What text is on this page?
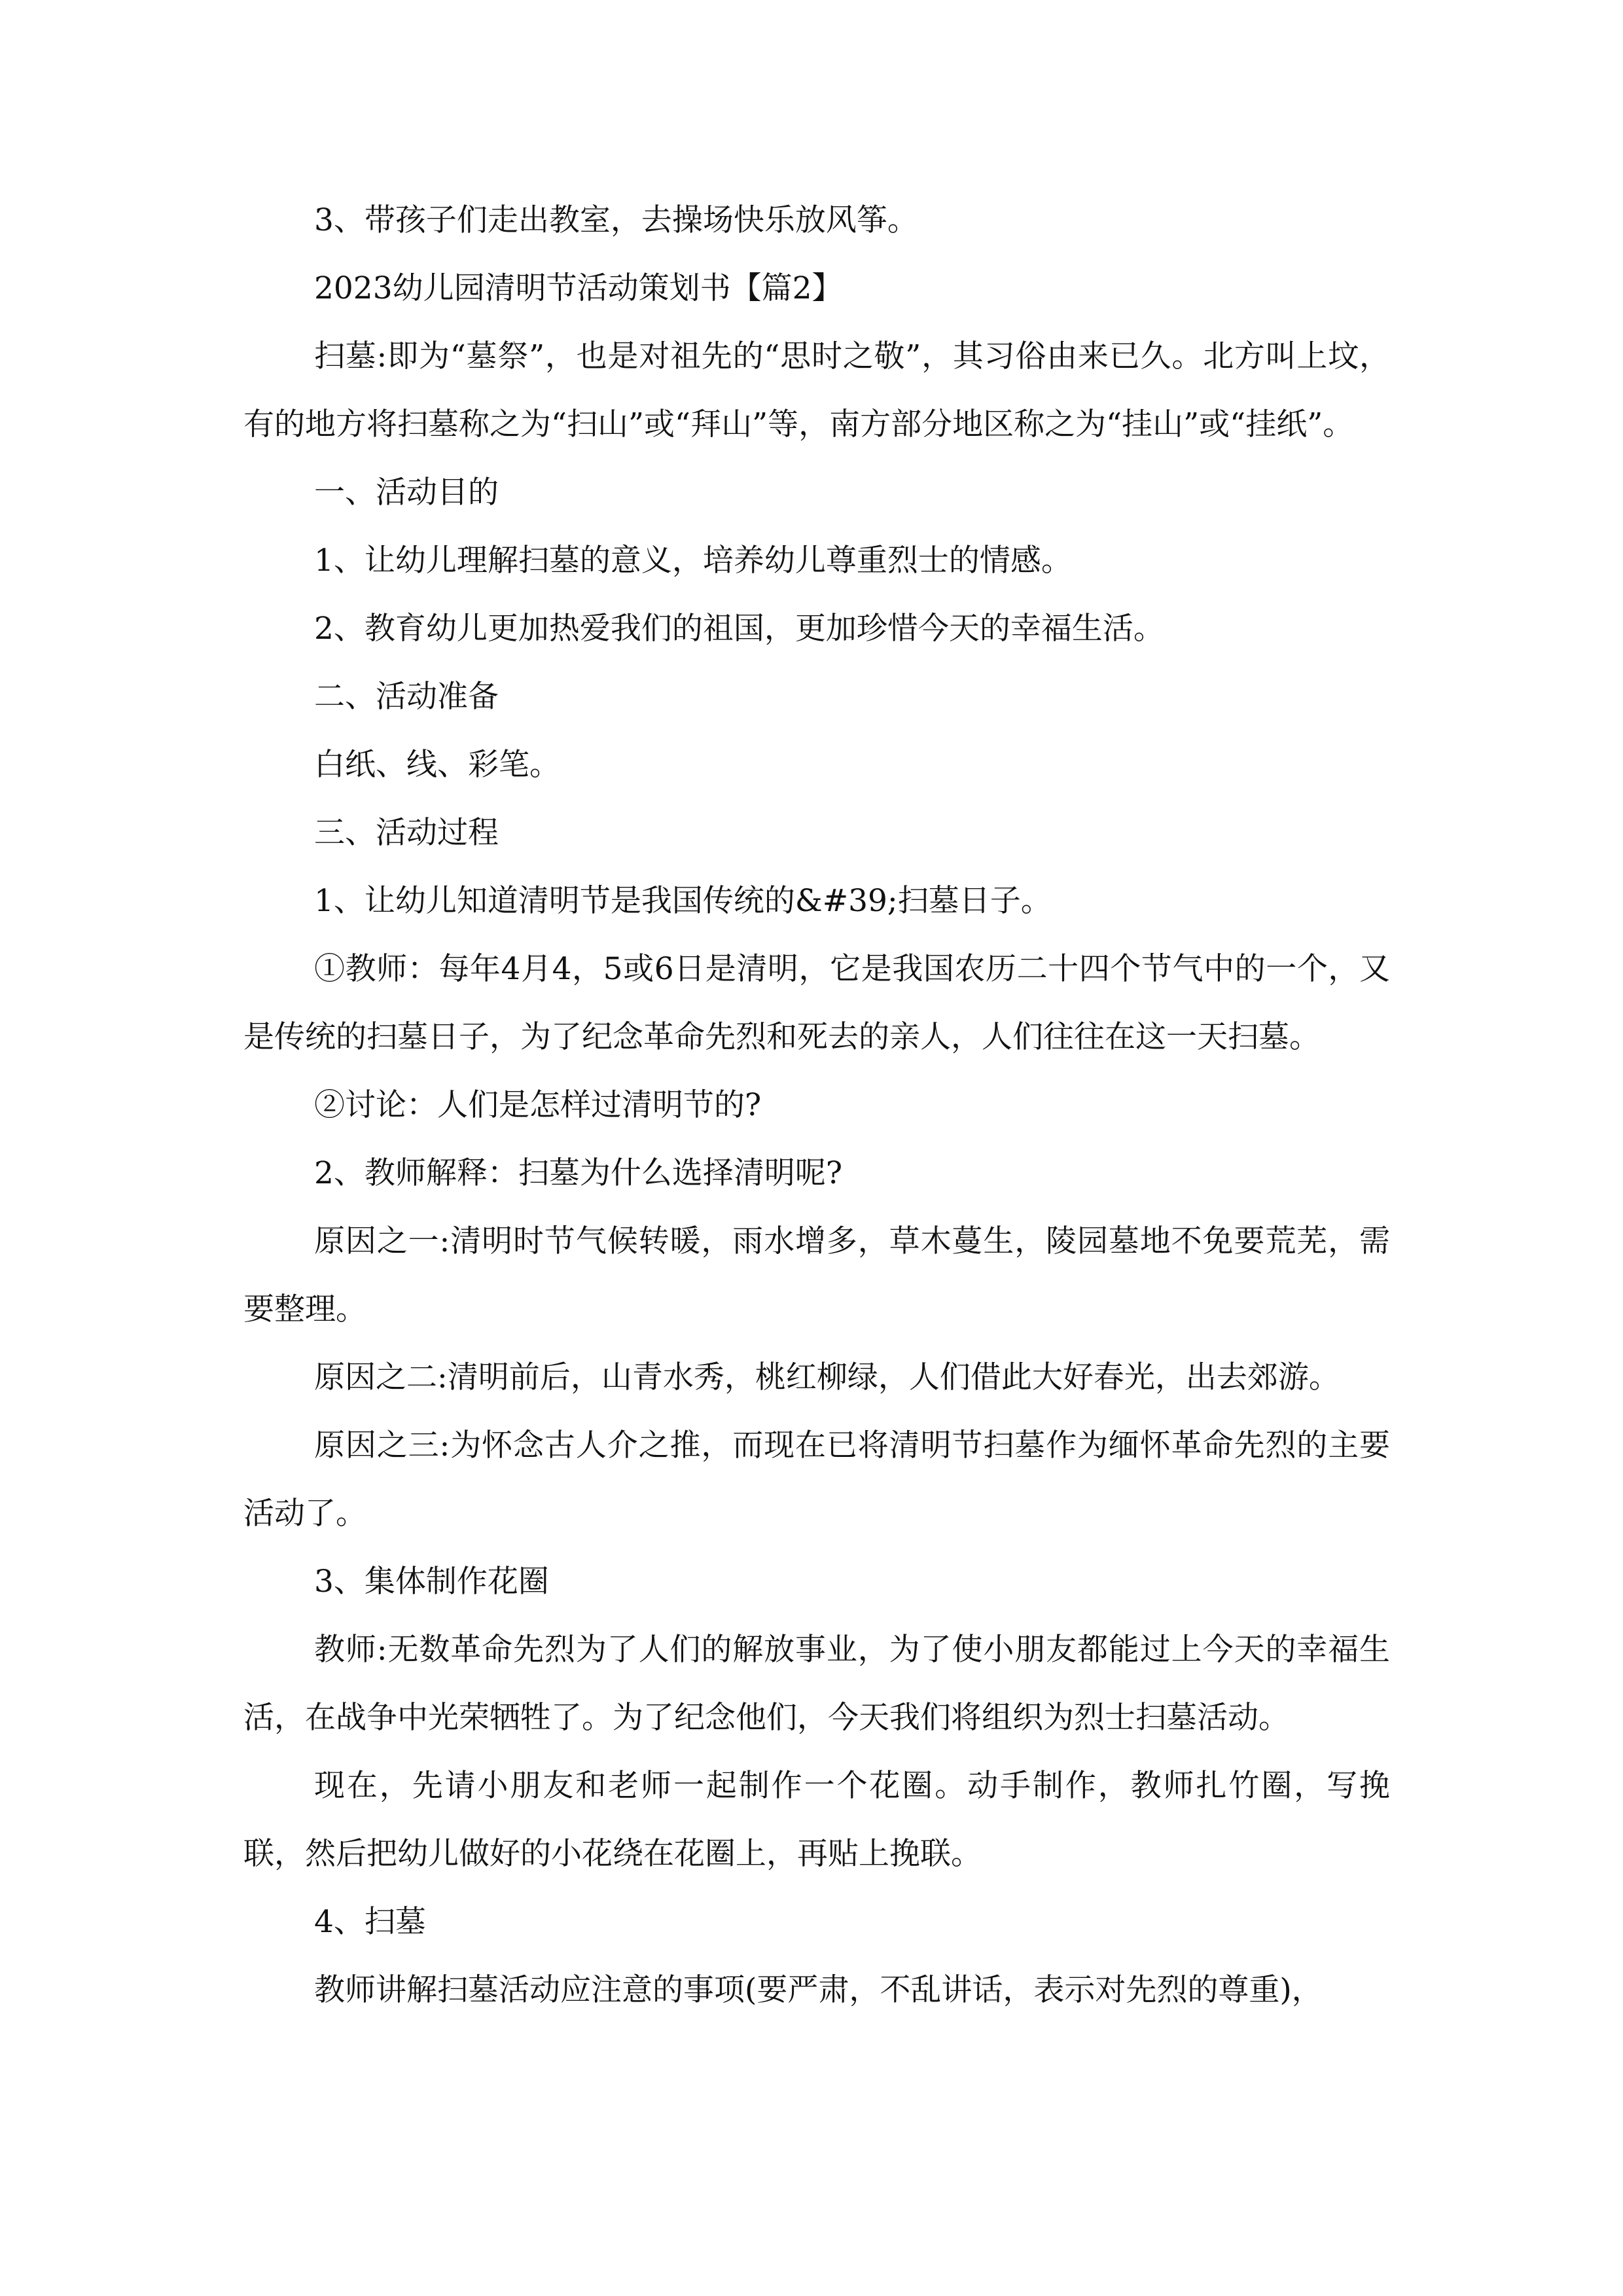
3、带孩子们走出教室，去操场快乐放风筝。

2023幼儿园清明节活动策划书【篇2】

扫墓:即为“墓祭”，也是对祖先的“思时之敬”，其习俗由来已久。北方叫上坟，有的地方将扫墓称之为“扫山”或“拜山”等，南方部分地区称之为“挂山”或“挂纸”。

一、活动目的

1、让幼儿理解扫墓的意义，培养幼儿尊重烈士的情感。

2、教育幼儿更加热爱我们的祖国，更加珍惜今天的幸福生活。

二、活动准备

白纸、线、彩笔。

三、活动过程

1、让幼儿知道清明节是我国传统的&#39;扫墓日子。

①教师：每年4月4，5或6日是清明，它是我国农历二十四个节气中的一个，又是传统的扫墓日子，为了纪念革命先烈和死去的亲人，人们往往在这一天扫墓。

②讨论：人们是怎样过清明节的?

2、教师解释：扫墓为什么选择清明呢?

原因之一:清明时节气候转暖，雨水增多，草木蔓生，陵园墓地不免要荒芜，需要整理。

原因之二:清明前后，山青水秀，桃红柳绿，人们借此大好春光，出去郊游。

原因之三:为怀念古人介之推，而现在已将清明节扫墓作为缅怀革命先烈的主要活动了。

3、集体制作花圈

教师:无数革命先烈为了人们的解放事业，为了使小朋友都能过上今天的幸福生活，在战争中光荣牺牲了。为了纪念他们，今天我们将组织为烈士扫墓活动。

现在，先请小朋友和老师一起制作一个花圈。动手制作，教师扎竹圈，写挽联，然后把幼儿做好的小花绕在花圈上，再贴上挽联。

4、扫墓

教师讲解扫墓活动应注意的事项(要严肃，不乱讲话，表示对先烈的尊重)，
